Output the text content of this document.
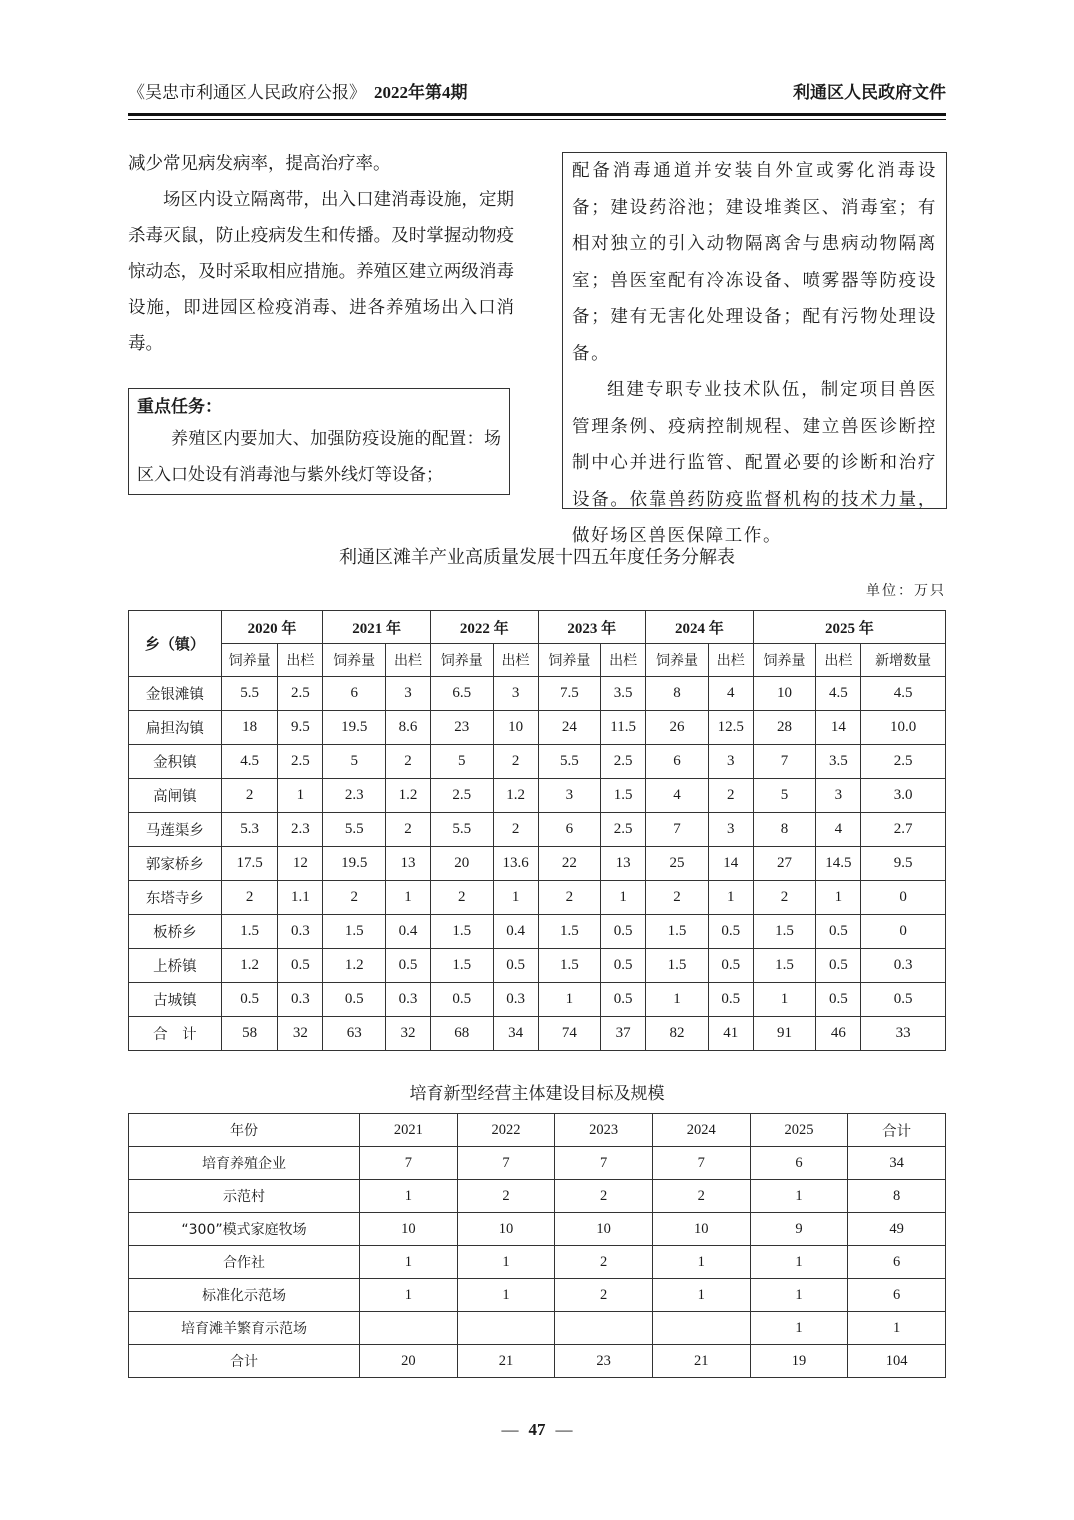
《吴忠市利通区人民政府公报》 2022年第4期	利通区人民政府文件

减少常见病发病率，提高治疗率。

场区内设立隔离带，出入口建消毒设施，定期杀毒灭鼠，防止疫病发生和传播。及时掌握动物疫惊动态，及时采取相应措施。养殖区建立两级消毒设施，即进园区检疫消毒、进各养殖场出入口消毒。

重点任务：

养殖区内要加大、加强防疫设施的配置：场区入口处设有消毒池与紫外线灯等设备；

配备消毒通道并安装自外宣或雾化消毒设备；建设药浴池；建设堆粪区、消毒室；有相对独立的引入动物隔离舍与患病动物隔离室；兽医室配有冷冻设备、喷雾器等防疫设备；建有无害化处理设备；配有污物处理设备。

组建专职专业技术队伍，制定项目兽医管理条例、疫病控制规程、建立兽医诊断控制中心并进行监管、配置必要的诊断和治疗设备。依靠兽药防疫监督机构的技术力量，做好场区兽医保障工作。

利通区滩羊产业高质量发展十四五年度任务分解表
单位：万只
乡（镇）	2020 年		2021 年		2022 年		2023 年		2024 年		2025 年		
	饲养量	出栏	饲养量	出栏	饲养量	出栏	饲养量	出栏	饲养量	出栏	饲养量	出栏	新增数量
金银滩镇	5.5	2.5	6	3	6.5	3	7.5	3.5	8	4	10	4.5	4.5
扁担沟镇	18	9.5	19.5	8.6	23	10	24	11.5	26	12.5	28	14	10.0
金积镇	4.5	2.5	5	2	5	2	5.5	2.5	6	3	7	3.5	2.5
高闸镇	2	1	2.3	1.2	2.5	1.2	3	1.5	4	2	5	3	3.0
马莲渠乡	5.3	2.3	5.5	2	5.5	2	6	2.5	7	3	8	4	2.7
郭家桥乡	17.5	12	19.5	13	20	13.6	22	13	25	14	27	14.5	9.5
东塔寺乡	2	1.1	2	1	2	1	2	1	2	1	2	1	0
板桥乡	1.5	0.3	1.5	0.4	1.5	0.4	1.5	0.5	1.5	0.5	1.5	0.5	0
上桥镇	1.2	0.5	1.2	0.5	1.5	0.5	1.5	0.5	1.5	0.5	1.5	0.5	0.3
古城镇	0.5	0.3	0.5	0.3	0.5	0.3	1	0.5	1	0.5	1	0.5	0.5
合　计	58	32	63	32	68	34	74	37	82	41	91	46	33
培育新型经营主体建设目标及规模
年份	2021	2022	2023	2024	2025	合计
培育养殖企业	7	7	7	7	6	34
示范村	1	2	2	2	1	8
“300”模式家庭牧场	10	10	10	10	9	49
合作社	1	1	2	1	1	6
标准化示范场	1	1	2	1	1	6
培育滩羊繁育示范场					1	1
合计	20	21	23	21	19	104
— 47 —
